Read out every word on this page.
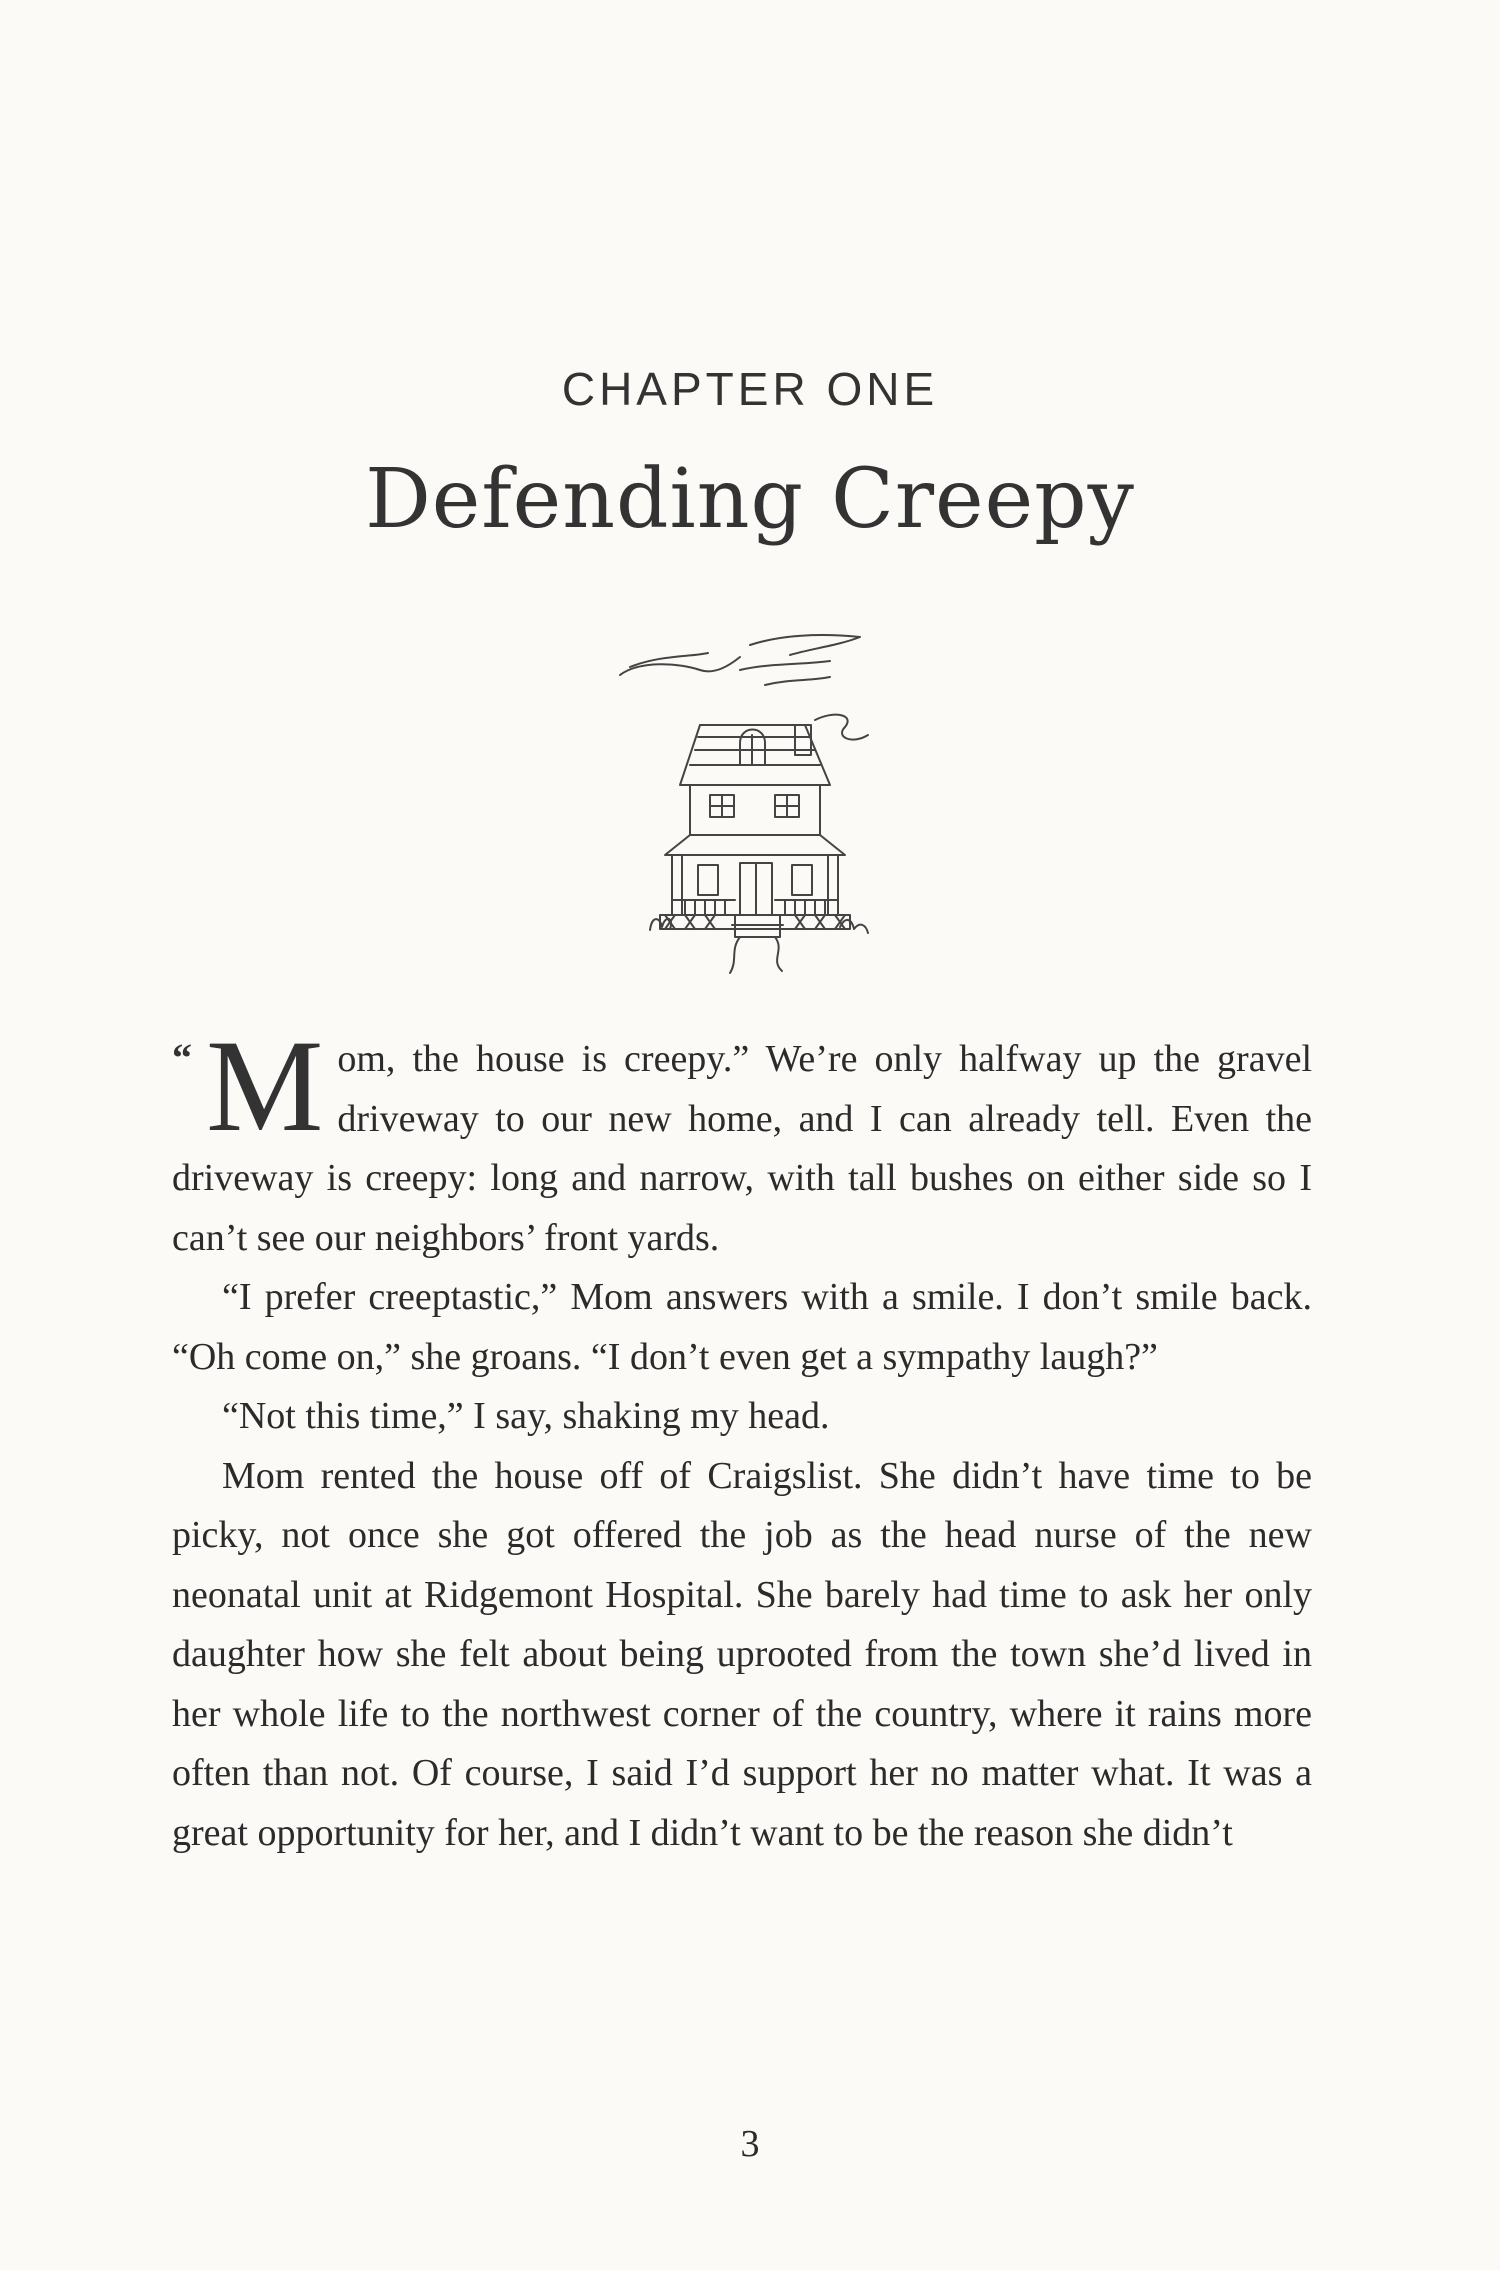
CHAPTER ONE
Defending Creepy

“ M om, the house is creepy.” We’re only halfway up the gravel driveway to our new home, and I can already tell. Even the driveway is creepy: long and narrow, with tall bushes on either side so I can’t see our neighbors’ front yards.

“I prefer creeptastic,” Mom answers with a smile. I don’t smile back. “Oh come on,” she groans. “I don’t even get a sympathy laugh?”

“Not this time,” I say, shaking my head.

Mom rented the house off of Craigslist. She didn’t have time to be picky, not once she got offered the job as the head nurse of the new neonatal unit at Ridgemont Hospital. She barely had time to ask her only daughter how she felt about being uprooted from the town she’d lived in her whole life to the northwest corner of the country, where it rains more often than not. Of course, I said I’d support her no matter what. It was a great opportunity for her, and I didn’t want to be the reason she didn’t

3
